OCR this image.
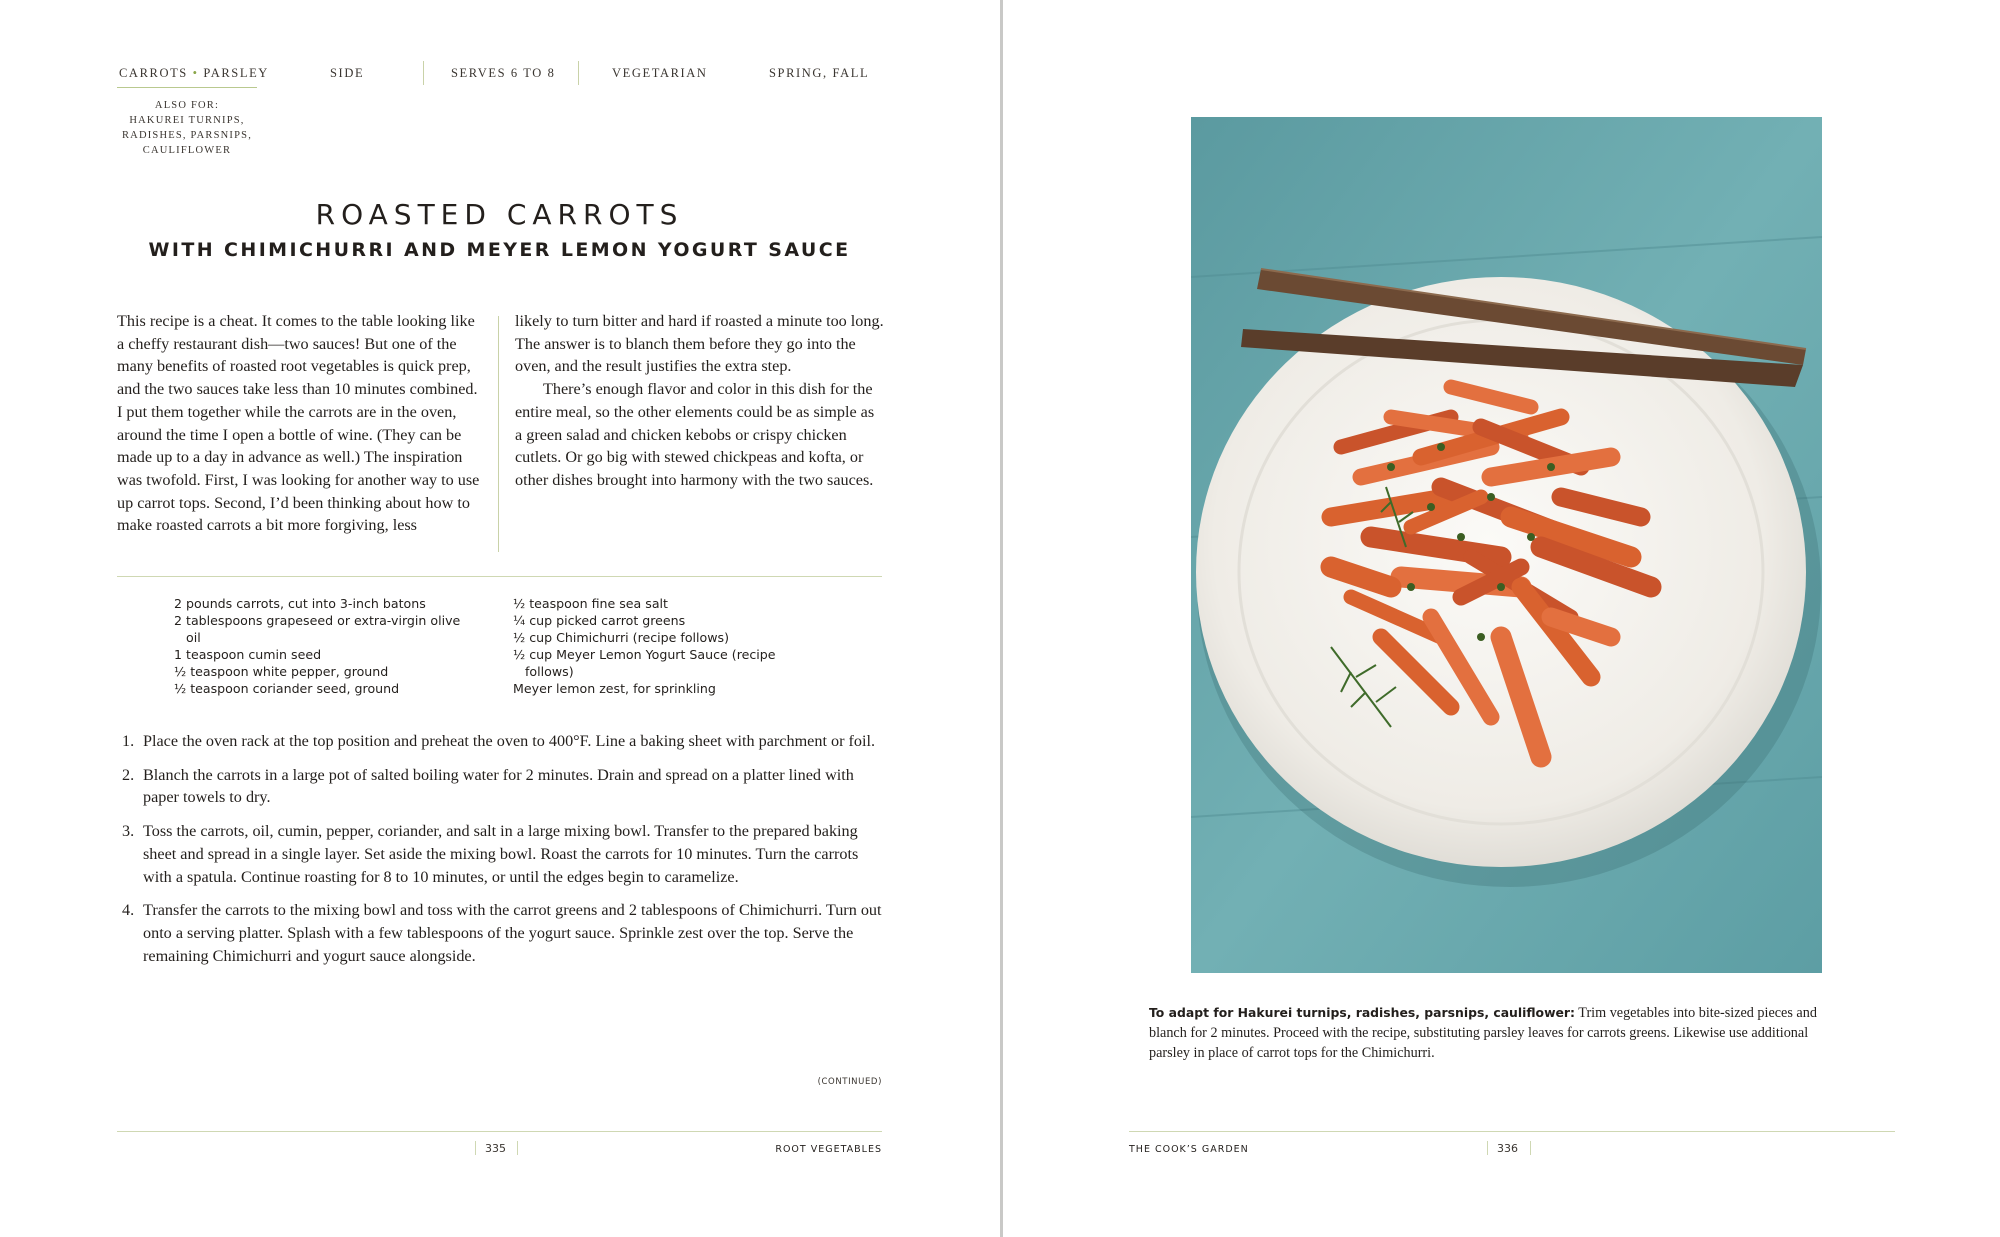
CARROTS • PARSLEY	SIDE	SERVES 6 TO 8	VEGETARIAN	SPRING, FALL
ALSO FOR:
HAKUREI TURNIPS, RADISHES, PARSNIPS, CAULIFLOWER
ROASTED CARROTS
WITH CHIMICHURRI AND MEYER LEMON YOGURT SAUCE
This recipe is a cheat. It comes to the table looking like a cheffy restaurant dish—two sauces! But one of the many benefits of roasted root vegetables is quick prep, and the two sauces take less than 10 minutes combined. I put them together while the carrots are in the oven, around the time I open a bottle of wine. (They can be made up to a day in advance as well.) The inspiration was twofold. First, I was looking for another way to use up carrot tops. Second, I’d been thinking about how to make roasted carrots a bit more forgiving, less
likely to turn bitter and hard if roasted a minute too long. The answer is to blanch them before they go into the oven, and the result justifies the extra step.
There’s enough flavor and color in this dish for the entire meal, so the other elements could be as simple as a green salad and chicken kebobs or crispy chicken cutlets. Or go big with stewed chickpeas and kofta, or other dishes brought into harmony with the two sauces.
2 pounds carrots, cut into 3-inch batons
2 tablespoons grapeseed or extra-virgin olive oil
1 teaspoon cumin seed
½ teaspoon white pepper, ground
½ teaspoon coriander seed, ground
½ teaspoon fine sea salt
¼ cup picked carrot greens
½ cup Chimichurri (recipe follows)
½ cup Meyer Lemon Yogurt Sauce (recipe follows)
Meyer lemon zest, for sprinkling
1. Place the oven rack at the top position and preheat the oven to 400°F. Line a baking sheet with parchment or foil.
2. Blanch the carrots in a large pot of salted boiling water for 2 minutes. Drain and spread on a platter lined with paper towels to dry.
3. Toss the carrots, oil, cumin, pepper, coriander, and salt in a large mixing bowl. Transfer to the prepared baking sheet and spread in a single layer. Set aside the mixing bowl. Roast the carrots for 10 minutes. Turn the carrots with a spatula. Continue roasting for 8 to 10 minutes, or until the edges begin to caramelize.
4. Transfer the carrots to the mixing bowl and toss with the carrot greens and 2 tablespoons of Chimichurri. Turn out onto a serving platter. Splash with a few tablespoons of the yogurt sauce. Sprinkle zest over the top. Serve the remaining Chimichurri and yogurt sauce alongside.
(CONTINUED)
335	ROOT VEGETABLES
To adapt for Hakurei turnips, radishes, parsnips, cauliflower: Trim vegetables into bite-sized pieces and blanch for 2 minutes. Proceed with the recipe, substituting parsley leaves for carrots greens. Likewise use additional parsley in place of carrot tops for the Chimichurri.
THE COOK’S GARDEN	336
